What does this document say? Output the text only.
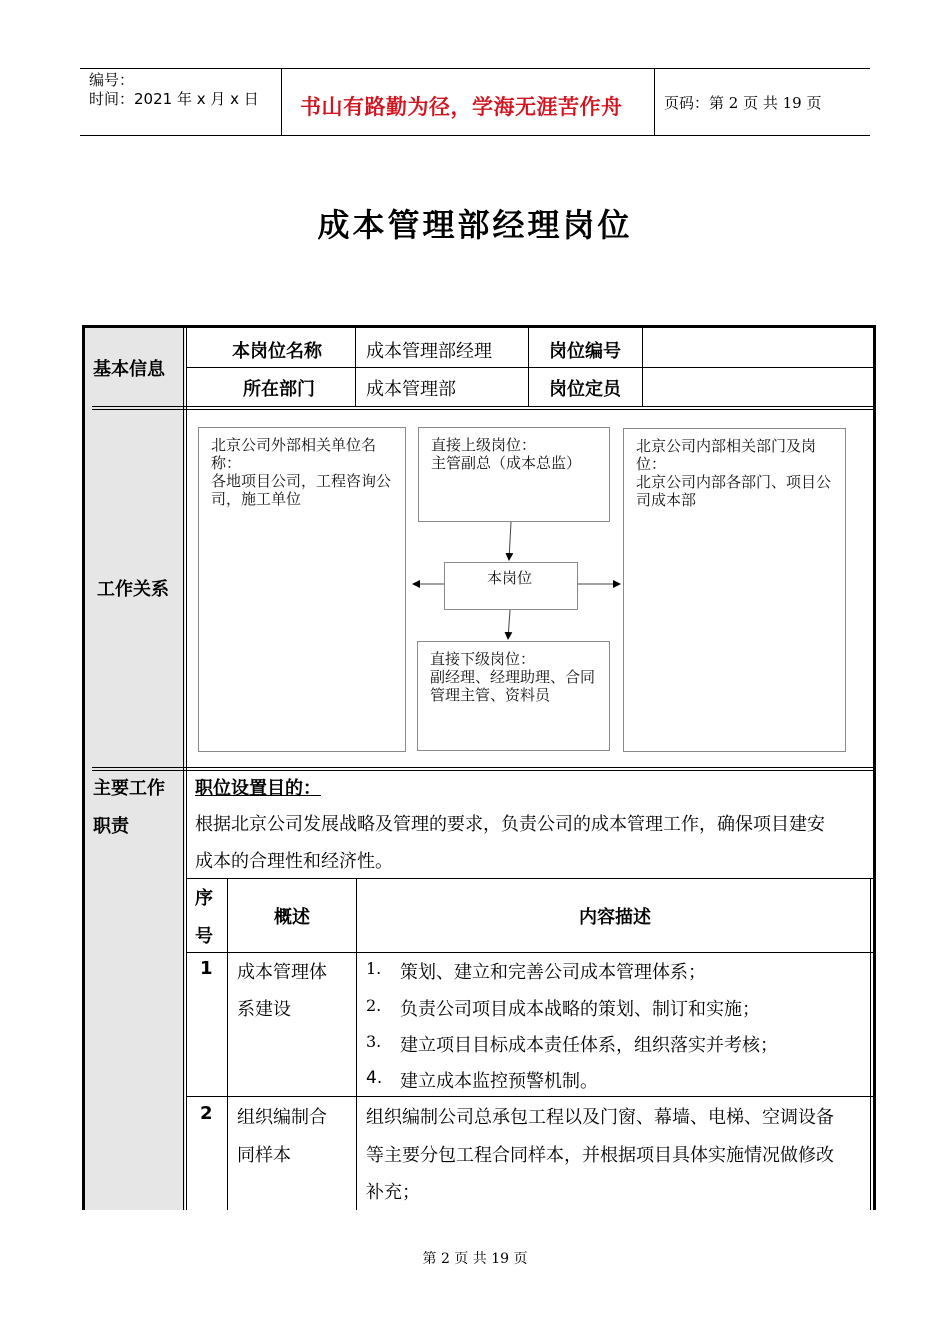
编号：
时间：2021 年 x 月 x 日 书山有路勤为径，学海无涯苦作舟	页码：第 2 页 共 19 页
成本管理部经理岗位
基本信息
本岗位名称 成本管理部经理	岗位编号
所在部门	成本管理部	岗位定员
工作关系
北京公司外部相关单位名称：
各地项目公司，工程咨询公司，施工单位
直接上级岗位：
主管副总（成本总监）
本岗位
直接下级岗位：
副经理、经理助理、合同管理主管、资料员
北京公司内部相关部门及岗位：
北京公司内部各部门、项目公司成本部
主要工作
职责
职位设置目的：
根据北京公司发展战略及管理的要求，负责公司的成本管理工作，确保项目建安
成本的合理性和经济性。
序
号
概述	内容描述
1 成本管理体
系建设
1. 策划、建立和完善公司成本管理体系；
2. 负责公司项目成本战略的策划、制订和实施；
3. 建立项目目标成本责任体系，组织落实并考核；
4. 建立成本监控预警机制。
2 组织编制合
同样本
组织编制公司总承包工程以及门窗、幕墙、电梯、空调设备
等主要分包工程合同样本，并根据项目具体实施情况做修改
补充；
第 2 页 共 19 页
